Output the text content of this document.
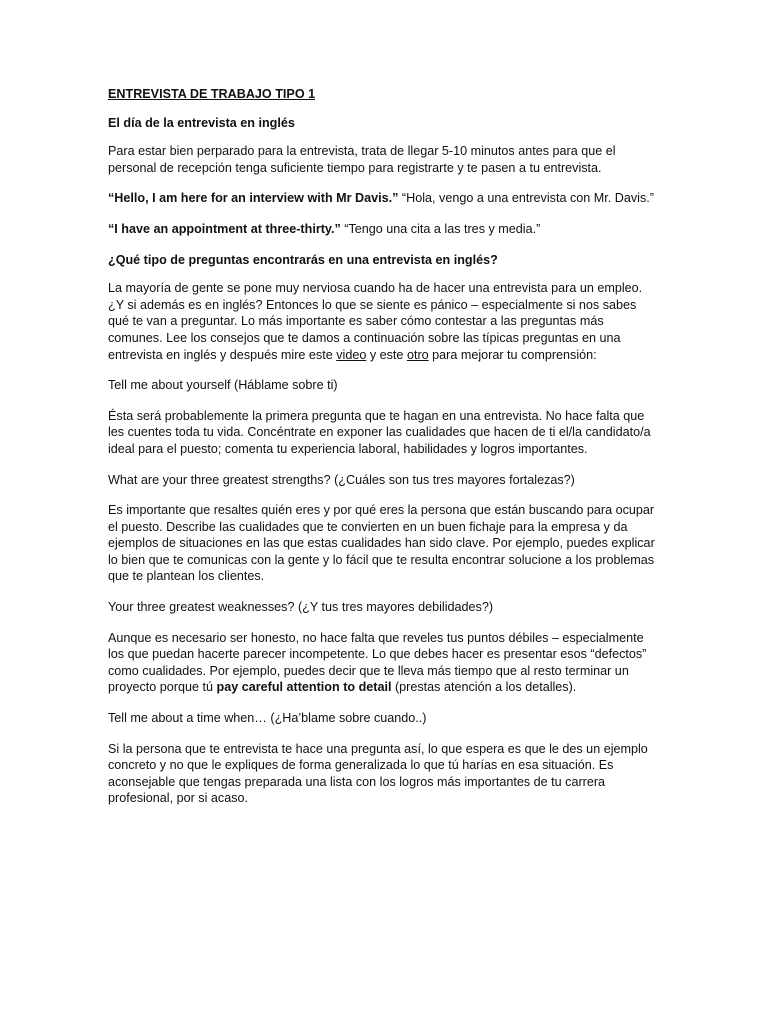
ENTREVISTA DE TRABAJO TIPO 1

El día de la entrevista en inglés

Para estar bien perparado para la entrevista, trata de llegar 5-10 minutos antes para que el personal de recepción tenga suficiente tiempo para registrarte y te pasen a tu entrevista.

“Hello, I am here for an interview with Mr Davis.” “Hola, vengo a una entrevista con Mr. Davis.”

“I have an appointment at three-thirty.” “Tengo una cita a las tres y media.”

¿Qué tipo de preguntas encontrarás en una entrevista en inglés?

La mayoría de gente se pone muy nerviosa cuando ha de hacer una entrevista para un empleo. ¿Y si además es en inglés? Entonces lo que se siente es pánico – especialmente si nos sabes qué te van a preguntar. Lo más importante es saber cómo contestar a las preguntas más comunes. Lee los consejos que te damos a continuación sobre las típicas preguntas en una entrevista en inglés y después mire este video y este otro para mejorar tu comprensión:

Tell me about yourself (Háblame sobre ti)

Ésta será probablemente la primera pregunta que te hagan en una entrevista. No hace falta que les cuentes toda tu vida. Concéntrate en exponer las cualidades que hacen de ti el/la candidato/a ideal para el puesto; comenta tu experiencia laboral, habilidades y logros importantes.

What are your three greatest strengths? (¿Cuáles son tus tres mayores fortalezas?)

Es importante que resaltes quién eres y por qué eres la persona que están buscando para ocupar el puesto. Describe las cualidades que te convierten en un buen fichaje para la empresa y da ejemplos de situaciones en las que estas cualidades han sido clave. Por ejemplo, puedes explicar lo bien que te comunicas con la gente y lo fácil que te resulta encontrar solucione a los problemas que te plantean los clientes.

Your three greatest weaknesses? (¿Y tus tres mayores debilidades?)

Aunque es necesario ser honesto, no hace falta que reveles tus puntos débiles – especialmente los que puedan hacerte parecer incompetente. Lo que debes hacer es presentar esos “defectos” como cualidades. Por ejemplo, puedes decir que te lleva más tiempo que al resto terminar un proyecto porque tú pay careful attention to detail (prestas atención a los detalles).

Tell me about a time when… (¿Ha’blame sobre cuando..)

Si la persona que te entrevista te hace una pregunta así, lo que espera es que le des un ejemplo concreto y no que le expliques de forma generalizada lo que tú harías en esa situación. Es aconsejable que tengas preparada una lista con los logros más importantes de tu carrera profesional, por si acaso.
